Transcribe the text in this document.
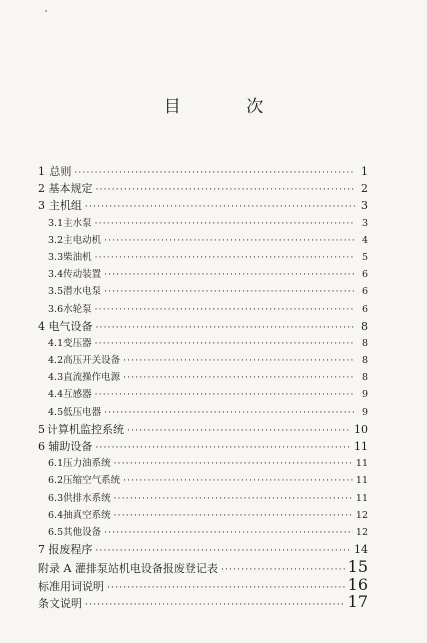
目 次
1 总则 ·····	1
2 基本规定 ·····	2
3 主机组 ·····	3
3.1 主水泵 ·····	3
3.2 主电动机 ·····	4
3.3 柴油机 ·····	5
3.4 传动装置 ·····	6
3.5 潜水电泵 ·····	6
3.6 水轮泵 ·····	6
4 电气设备 ·····	8
4.1 变压器 ·····	8
4.2 高压开关设备 ·····	8
4.3 直流操作电源 ·····	8
4.4 互感器 ·····	9
4.5 低压电器 ·····	9
5 计算机监控系统 ·····	10
6 辅助设备 ·····	11
6.1 压力油系统 ·····	11
6.2 压缩空气系统 ·····	11
6.3 供排水系统 ·····	11
6.4 抽真空系统 ·····	12
6.5 其他设备 ·····	12
7 报废程序 ·····	14
附录 A 灌排泵站机电设备报废登记表 ·····	15
标准用词说明 ·····	16
条文说明 ·····	17
